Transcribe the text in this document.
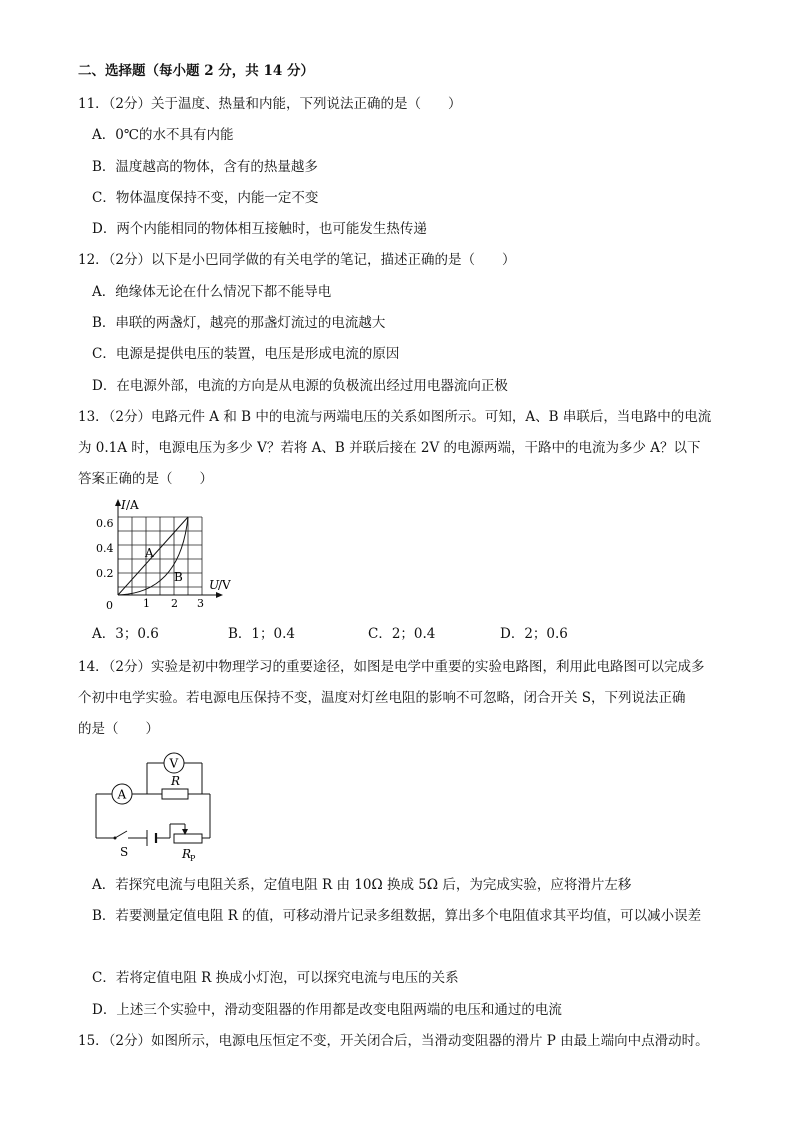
二、选择题（每小题 2 分，共 14 分）
11．（2分）关于温度、热量和内能，下列说法正确的是（　　）
A．0℃的水不具有内能
B．温度越高的物体，含有的热量越多
C．物体温度保持不变，内能一定不变
D．两个内能相同的物体相互接触时，也可能发生热传递
12．（2分）以下是小巴同学做的有关电学的笔记，描述正确的是（　　）
A．绝缘体无论在什么情况下都不能导电
B．串联的两盏灯，越亮的那盏灯流过的电流越大
C．电源是提供电压的装置，电压是形成电流的原因
D．在电源外部，电流的方向是从电源的负极流出经过用电器流向正极
13．（2分）电路元件 A 和 B 中的电流与两端电压的关系如图所示。可知，A、B 串联后，当电路中的电流
为 0.1A 时，电源电压为多少 V？若将 A、B 并联后接在 2V 的电源两端，干路中的电流为多少 A？以下
答案正确的是（　　）
I /A
0.6
0.4
0.2
0	1 2 3
A
B
U
/V
A．3；0.6	B．1；0.4	C．2；0.4	D．2；0.6
14．（2分）实验是初中物理学习的重要途径，如图是电学中重要的实验电路图，利用此电路图可以完成多
个初中电学实验。若电源电压保持不变，温度对灯丝电阻的影响不可忽略，闭合开关 S，下列说法正确
的是（　　）
V
A
R
S	R
P
A．若探究电流与电阻关系，定值电阻 R 由 10Ω 换成 5Ω 后，为完成实验，应将滑片左移
B．若要测量定值电阻 R 的值，可移动滑片记录多组数据，算出多个电阻值求其平均值，可以减小误差
C．若将定值电阻 R 换成小灯泡，可以探究电流与电压的关系
D．上述三个实验中，滑动变阻器的作用都是改变电阻两端的电压和通过的电流
15．（2分）如图所示，电源电压恒定不变，开关闭合后，当滑动变阻器的滑片 P 由最上端向中点滑动时。
